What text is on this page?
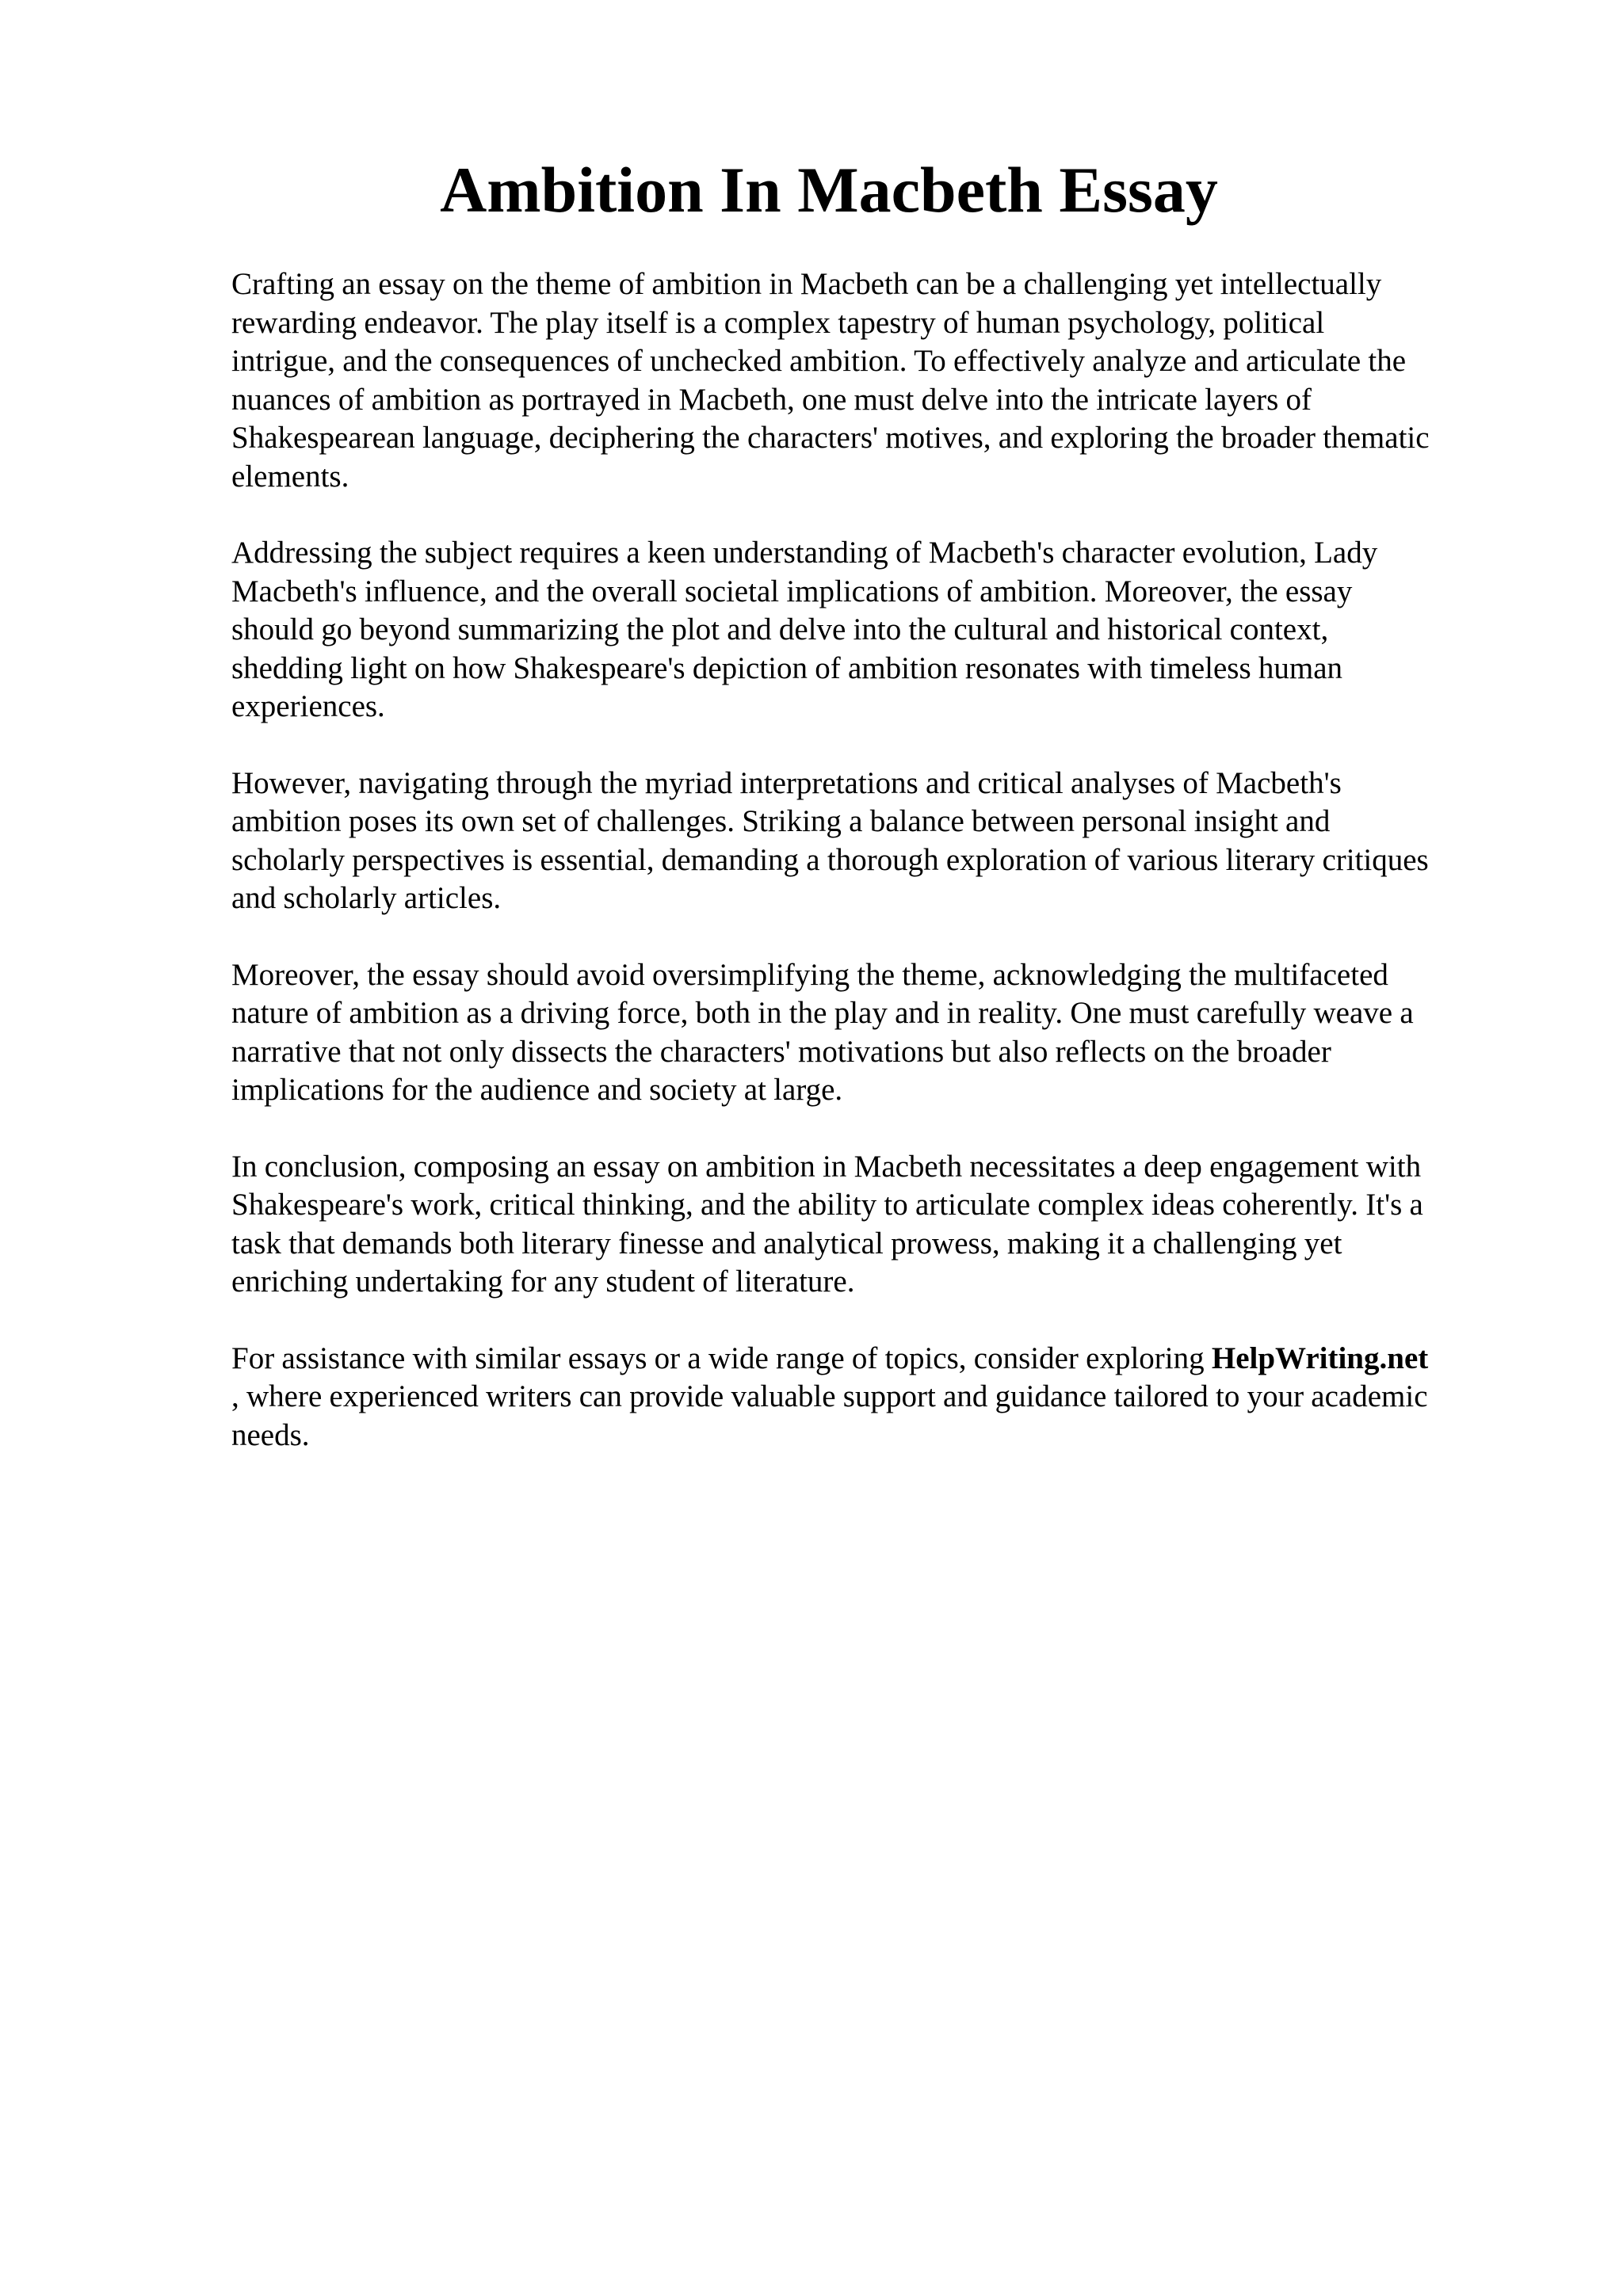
Ambition In Macbeth Essay

Crafting an essay on the theme of ambition in Macbeth can be a challenging yet intellectually
rewarding endeavor. The play itself is a complex tapestry of human psychology, political
intrigue, and the consequences of unchecked ambition. To effectively analyze and articulate the
nuances of ambition as portrayed in Macbeth, one must delve into the intricate layers of
Shakespearean language, deciphering the characters' motives, and exploring the broader thematic
elements.

Addressing the subject requires a keen understanding of Macbeth's character evolution, Lady
Macbeth's influence, and the overall societal implications of ambition. Moreover, the essay
should go beyond summarizing the plot and delve into the cultural and historical context,
shedding light on how Shakespeare's depiction of ambition resonates with timeless human
experiences.

However, navigating through the myriad interpretations and critical analyses of Macbeth's
ambition poses its own set of challenges. Striking a balance between personal insight and
scholarly perspectives is essential, demanding a thorough exploration of various literary critiques
and scholarly articles.

Moreover, the essay should avoid oversimplifying the theme, acknowledging the multifaceted
nature of ambition as a driving force, both in the play and in reality. One must carefully weave a
narrative that not only dissects the characters' motivations but also reflects on the broader
implications for the audience and society at large.

In conclusion, composing an essay on ambition in Macbeth necessitates a deep engagement with
Shakespeare's work, critical thinking, and the ability to articulate complex ideas coherently. It's a
task that demands both literary finesse and analytical prowess, making it a challenging yet
enriching undertaking for any student of literature.

For assistance with similar essays or a wide range of topics, consider exploring HelpWriting.net
, where experienced writers can provide valuable support and guidance tailored to your academic
needs.
